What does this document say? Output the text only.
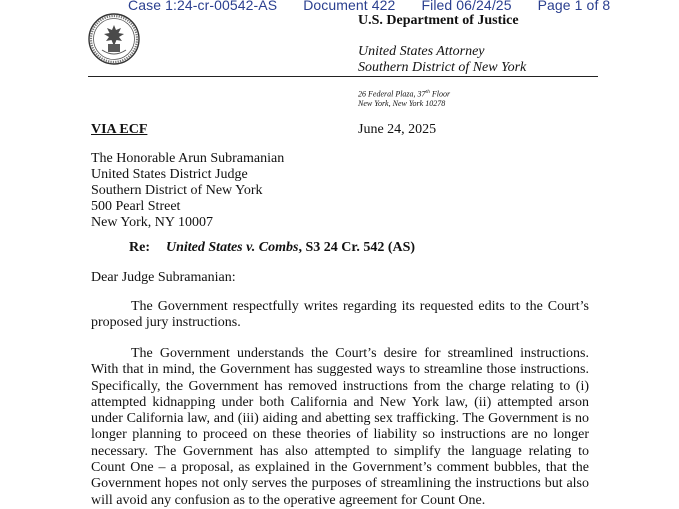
Case 1:24-cr-00542-AS Document 422 Filed 06/24/25 Page 1 of 8
U.S. Department of Justice
United States Attorney
Southern District of New York
26 Federal Plaza, 37th Floor
New York, New York 10278
VIA ECF	June 24, 2025
The Honorable Arun Subramanian
United States District Judge
Southern District of New York
500 Pearl Street
New York, NY 10007
Re: United States v. Combs, S3 24 Cr. 542 (AS)
Dear Judge Subramanian:
The Government respectfully writes regarding its requested edits to the Court’s proposed jury instructions.
The Government understands the Court’s desire for streamlined instructions. With that in mind, the Government has suggested ways to streamline those instructions. Specifically, the Government has removed instructions from the charge relating to (i) attempted kidnapping under both California and New York law, (ii) attempted arson under California law, and (iii) aiding and abetting sex trafficking. The Government is no longer planning to proceed on these theories of liability so instructions are no longer necessary. The Government has also attempted to simplify the language relating to Count One – a proposal, as explained in the Government’s comment bubbles, that the Government hopes not only serves the purposes of streamlining the instructions but also will avoid any confusion as to the operative agreement for Count One.
